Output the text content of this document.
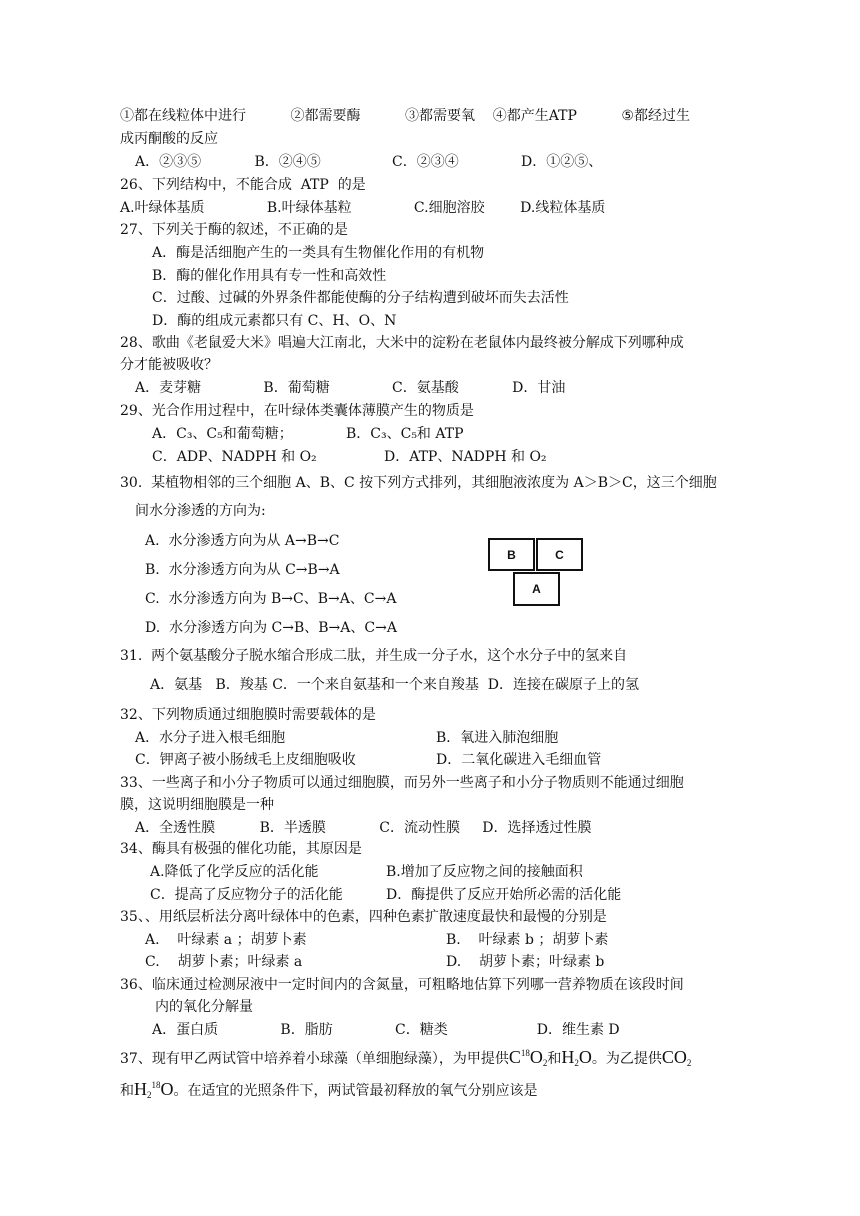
①都在线粒体中进行          ②都需要酶          ③都需要氧    ④都产生ATP          ⑤都经过生
成丙酮酸的反应
A．②③⑤            B．②④⑤                C．②③④              D．①②⑤、
26、下列结构中，不能合成  ATP  的是
A.叶绿体基质              B.叶绿体基粒              C.细胞溶胶        D.线粒体基质
27、下列关于酶的叙述，不正确的是
A．酶是活细胞产生的一类具有生物催化作用的有机物
B．酶的催化作用具有专一性和高效性
C．过酸、过碱的外界条件都能使酶的分子结构遭到破坏而失去活性
D．酶的组成元素都只有 C、H、O、N
28、歌曲《老鼠爱大米》唱遍大江南北，大米中的淀粉在老鼠体内最终被分解成下列哪种成
分才能被吸收？
A．麦芽糖              B．葡萄糖              C．氨基酸            D．甘油
29、光合作用过程中，在叶绿体类囊体薄膜产生的物质是
A．C₃、C₅和葡萄糖；	B．C₃、C₅和 ATP
C．ADP、NADPH 和 O₂	D．ATP、NADPH 和 O₂
30.  某植物相邻的三个细胞 A、B、C 按下列方式排列，其细胞液浓度为 A＞B＞C，这三个细胞
间水分渗透的方向为:
A.  水分渗透方向为从 A→B→C
B.  水分渗透方向为从 C→B→A
C.  水分渗透方向为 B→C、B→A、C→A
D.  水分渗透方向为 C→B、B→A、C→A
B	C
A
31.  两个氨基酸分子脱水缩合形成二肽，并生成一分子水，这个水分子中的氢来自
A．氨基   B．羧基 C．一个来自氨基和一个来自羧基  D．连接在碳原子上的氢
32、下列物质通过细胞膜时需要载体的是
A．水分子进入根毛细胞	B．氧进入肺泡细胞
C．钾离子被小肠绒毛上皮细胞吸收	D．二氧化碳进入毛细血管
33、一些离子和小分子物质可以通过细胞膜，而另外一些离子和小分子物质则不能通过细胞
膜，这说明细胞膜是一种
A．全透性膜          B．半透膜            C．流动性膜     D．选择透过性膜
34、酶具有极强的催化功能，其原因是
A.降低了化学反应的活化能	B.增加了反应物之间的接触面积
C．提高了反应物分子的活化能	D．酶提供了反应开始所必需的活化能
35、、用纸层析法分离叶绿体中的色素，四种色素扩散速度最快和最慢的分别是
A.    叶绿素 a ；胡萝卜素	B.    叶绿素 b ；胡萝卜素
C.    胡萝卜素；叶绿素 a	D.    胡萝卜素；叶绿素 b
36、临床通过检测尿液中一定时间内的含氮量，可粗略地估算下列哪一营养物质在该段时间
内的氧化分解量
A．蛋白质              B．脂肪              C．糖类                    D．维生素 D
37、现有甲乙两试管中培养着小球藻（单细胞绿藻），为甲提供$C^{18}O_2$和$H_2O$。为乙提供$CO_2$
和$H_2^{18}O$。在适宜的光照条件下，两试管最初释放的氧气分别应该是
